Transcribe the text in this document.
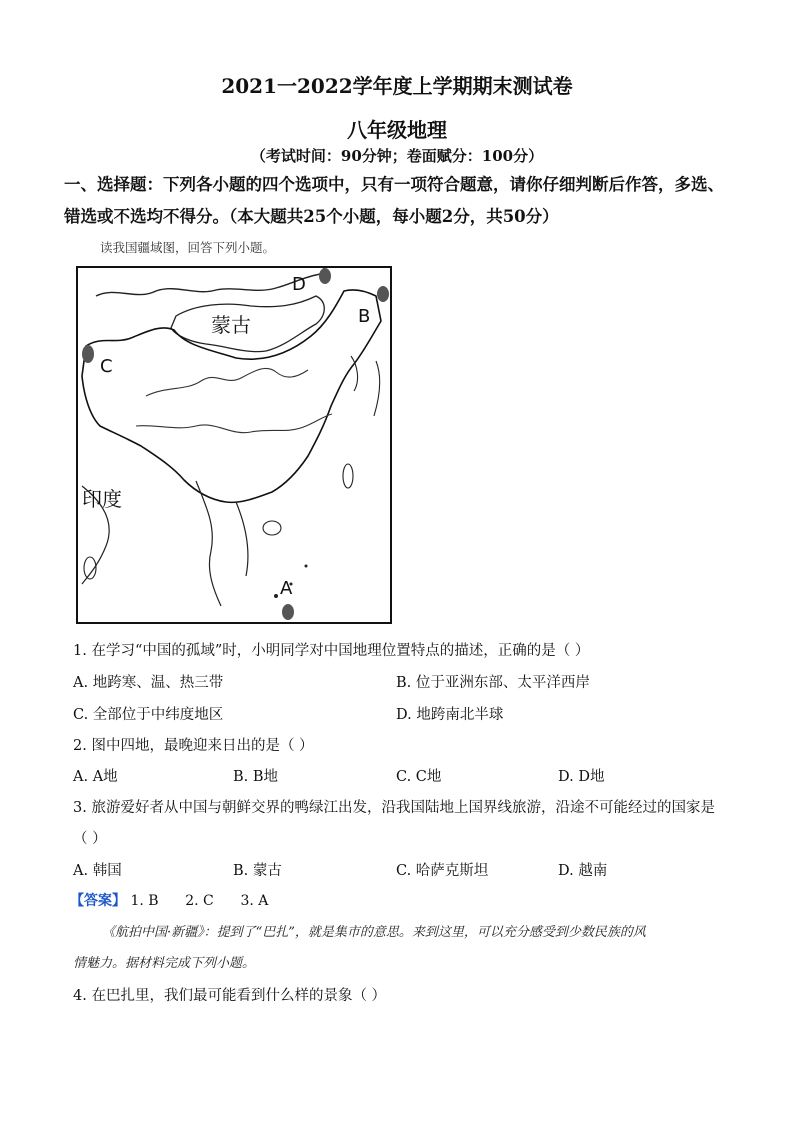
2021一2022学年度上学期期末测试卷
八年级地理
（考试时间：90分钟；卷面赋分：100分）
一、选择题：下列各小题的四个选项中，只有一项符合题意，请你仔细判断后作答，多选、
错选或不选均不得分。（本大题共25个小题，每小题2分，共50分）
读我国疆域图，回答下列小题。
蒙古
印度
D
B
C
A
1. 在学习“中国的孤域”时，小明同学对中国地理位置特点的描述，正确的是（ ）
A. 地跨寒、温、热三带	B. 位于亚洲东部、太平洋西岸
C. 全部位于中纬度地区	D. 地跨南北半球
2. 图中四地，最晚迎来日出的是（ ）
A. A地	B. B地	C. C地	D. D地
3. 旅游爱好者从中国与朝鲜交界的鸭绿江出发，沿我国陆地上国界线旅游，沿途不可能经过的国家是
（ ）
A. 韩国	B. 蒙古	C. 哈萨克斯坦	D. 越南
【答案】 1. B      2. C      3. A
《航拍中国·新疆》：提到了“巴扎”，就是集市的意思。来到这里，可以充分感受到少数民族的风
情魅力。据材料完成下列小题。
4. 在巴扎里，我们最可能看到什么样的景象（ ）
